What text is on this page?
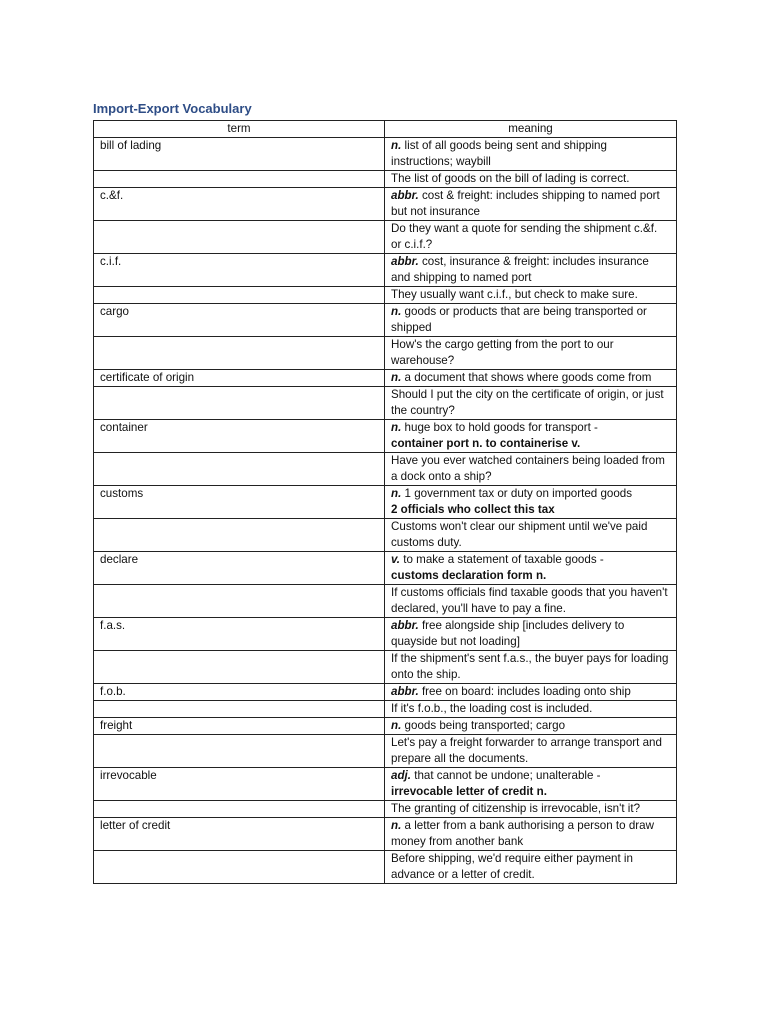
Import-Export Vocabulary
term	meaning
bill of lading	n. list of all goods being sent and shipping instructions; waybill
	The list of goods on the bill of lading is correct.
c.&f.	abbr. cost & freight: includes shipping to named port but not insurance
	Do they want a quote for sending the shipment c.&f. or c.i.f.?
c.i.f.	abbr. cost, insurance & freight: includes insurance and shipping to named port
	They usually want c.i.f., but check to make sure.
cargo	n. goods or products that are being transported or shipped
	How's the cargo getting from the port to our warehouse?
certificate of origin	n. a document that shows where goods come from
	Should I put the city on the certificate of origin, or just the country?
container	n. huge box to hold goods for transport -
container port n. to containerise v.

	Have you ever watched containers being loaded from a dock onto a ship?
customs	n. 1 government tax or duty on imported goods
2 officials who collect this tax

	Customs won't clear our shipment until we've paid customs duty.
declare	v. to make a statement of taxable goods -
customs declaration form n.

	If customs officials find taxable goods that you haven't declared, you'll have to pay a fine.
f.a.s.	abbr. free alongside ship [includes delivery to quayside but not loading]
	If the shipment's sent f.a.s., the buyer pays for loading onto the ship.
f.o.b.	abbr. free on board: includes loading onto ship
	If it's f.o.b., the loading cost is included.
freight	n. goods being transported; cargo
	Let's pay a freight forwarder to arrange transport and prepare all the documents.
irrevocable	adj. that cannot be undone; unalterable -
irrevocable letter of credit n.

	The granting of citizenship is irrevocable, isn't it?
letter of credit	n. a letter from a bank authorising a person to draw money from another bank
	Before shipping, we'd require either payment in advance or a letter of credit.
